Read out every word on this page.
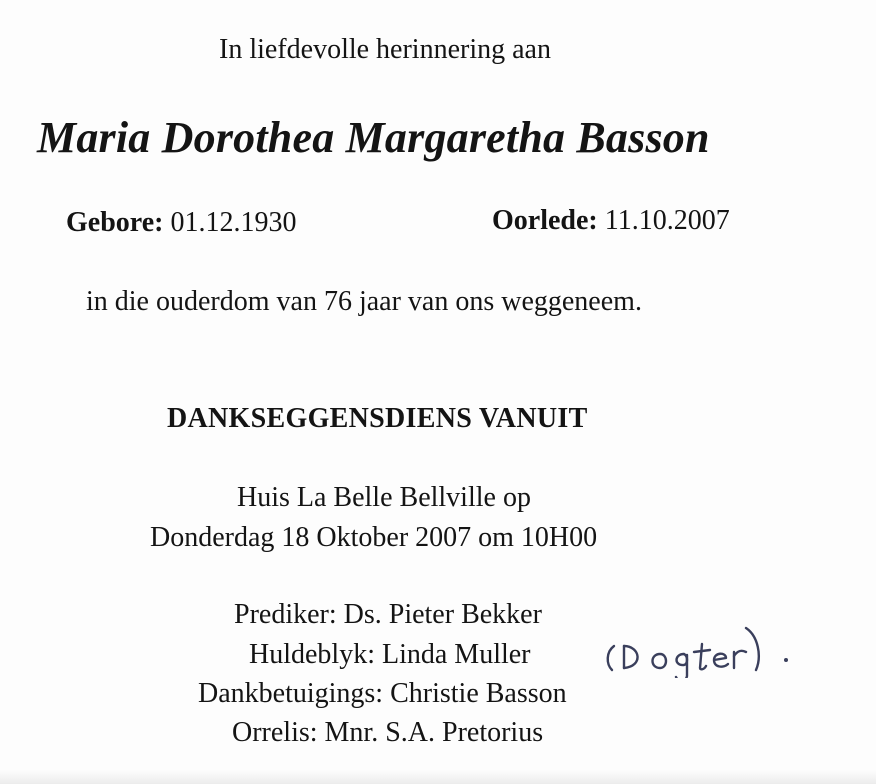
In liefdevolle herinnering aan
Maria Dorothea Margaretha Basson
Gebore: 01.12.1930	Oorlede: 11.10.2007
in die ouderdom van 76 jaar van ons weggeneem.
DANKSEGGENSDIENS VANUIT
Huis La Belle Bellville op
Donderdag 18 Oktober 2007 om 10H00
Prediker: Ds. Pieter Bekker
Huldeblyk: Linda Muller
Dankbetuigings: Christie Basson
Orrelis: Mnr. S.A. Pretorius
